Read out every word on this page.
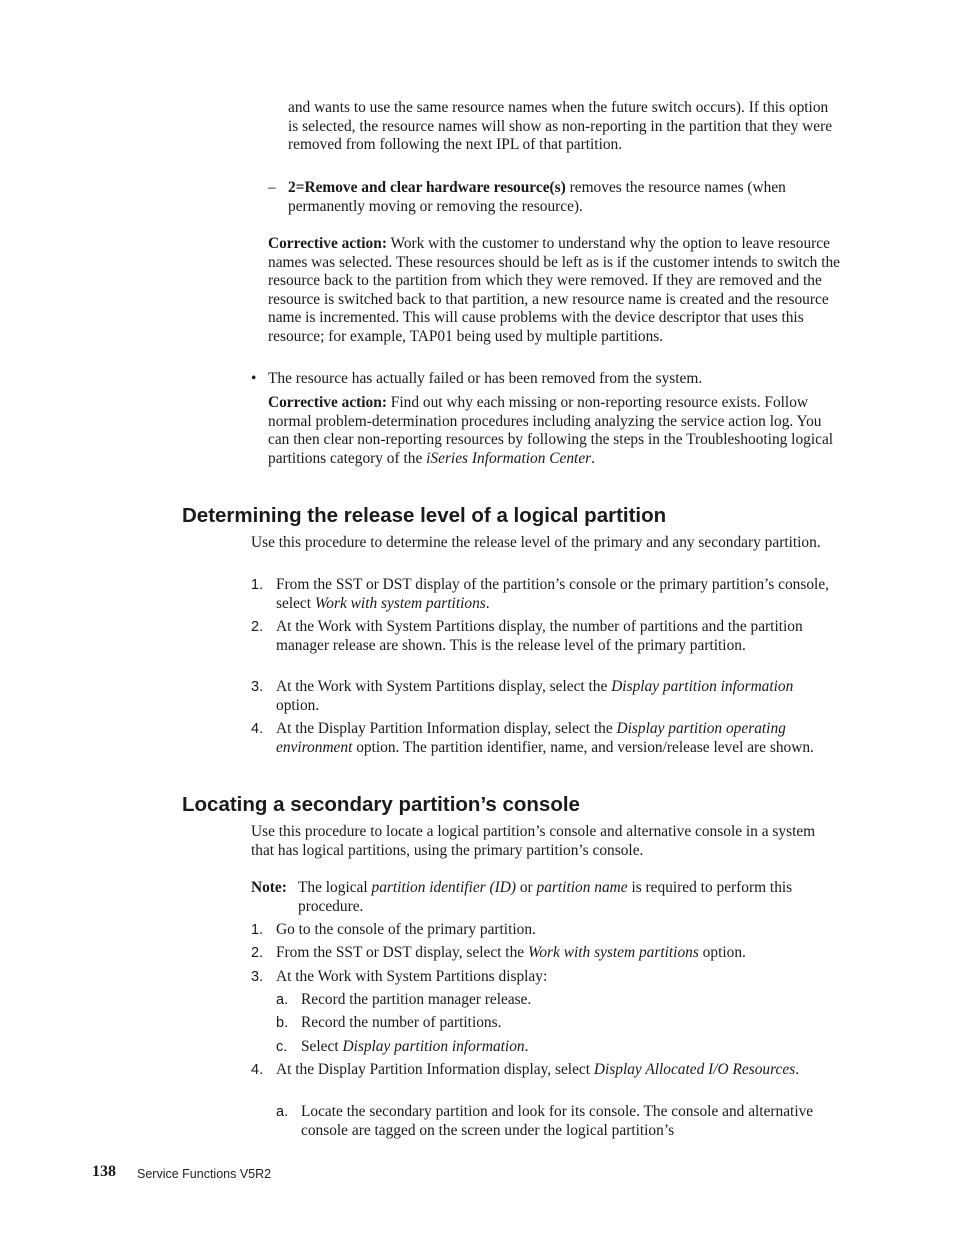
and wants to use the same resource names when the future switch occurs). If this option is selected, the resource names will show as non-reporting in the partition that they were removed from following the next IPL of that partition.

– 2=Remove and clear hardware resource(s) removes the resource names (when permanently moving or removing the resource).

Corrective action: Work with the customer to understand why the option to leave resource names was selected. These resources should be left as is if the customer intends to switch the resource back to the partition from which they were removed. If they are removed and the resource is switched back to that partition, a new resource name is created and the resource name is incremented. This will cause problems with the device descriptor that uses this resource; for example, TAP01 being used by multiple partitions.

• The resource has actually failed or has been removed from the system.

Corrective action: Find out why each missing or non-reporting resource exists. Follow normal problem-determination procedures including analyzing the service action log. You can then clear non-reporting resources by following the steps in the Troubleshooting logical partitions category of the iSeries Information Center.

Determining the release level of a logical partition

Use this procedure to determine the release level of the primary and any secondary partition.

1. From the SST or DST display of the partition’s console or the primary partition’s console, select Work with system partitions.

2. At the Work with System Partitions display, the number of partitions and the partition manager release are shown. This is the release level of the primary partition.

3. At the Work with System Partitions display, select the Display partition information option.

4. At the Display Partition Information display, select the Display partition operating environment option. The partition identifier, name, and version/release level are shown.

Locating a secondary partition’s console

Use this procedure to locate a logical partition’s console and alternative console in a system that has logical partitions, using the primary partition’s console.

Note: The logical partition identifier (ID) or partition name is required to perform this procedure.

1. Go to the console of the primary partition.

2. From the SST or DST display, select the Work with system partitions option.

3. At the Work with System Partitions display:

a. Record the partition manager release.

b. Record the number of partitions.

c. Select Display partition information.

4. At the Display Partition Information display, select Display Allocated I/O Resources.

a. Locate the secondary partition and look for its console. The console and alternative console are tagged on the screen under the logical partition’s

138 Service Functions V5R2
